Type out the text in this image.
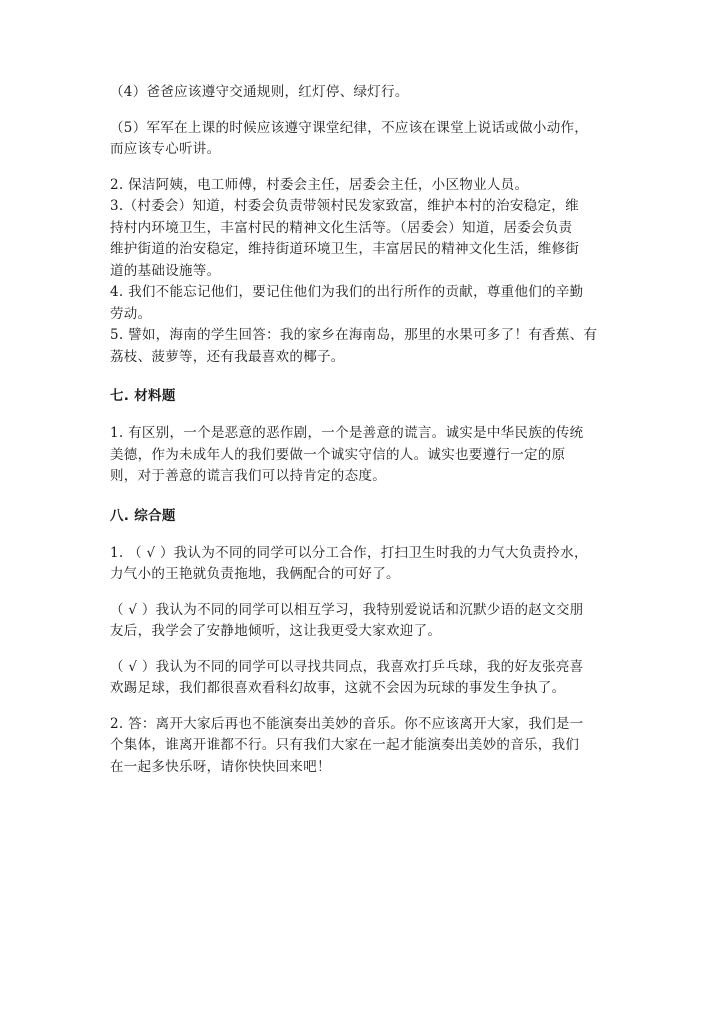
（4）爸爸应该遵守交通规则，红灯停、绿灯行。

（5）军军在上课的时候应该遵守课堂纪律，不应该在课堂上说话或做小动作，

而应该专心听讲。

2. 保洁阿姨，电工师傅，村委会主任，居委会主任，小区物业人员。

3.（村委会）知道，村委会负责带领村民发家致富，维护本村的治安稳定，维

持村内环境卫生，丰富村民的精神文化生活等。（居委会）知道，居委会负责

维护街道的治安稳定，维持街道环境卫生，丰富居民的精神文化生活，维修街

道的基础设施等。

4. 我们不能忘记他们，要记住他们为我们的出行所作的贡献，尊重他们的辛勤

劳动。

5. 譬如，海南的学生回答：我的家乡在海南岛，那里的水果可多了！有香蕉、有

荔枝、菠萝等，还有我最喜欢的椰子。

七. 材料题

1. 有区别，一个是恶意的恶作剧，一个是善意的谎言。诚实是中华民族的传统

美德，作为未成年人的我们要做一个诚实守信的人。诚实也要遵行一定的原

则，对于善意的谎言我们可以持肯定的态度。

八. 综合题

1. （ √ ）我认为不同的同学可以分工合作，打扫卫生时我的力气大负责拎水，

力气小的王艳就负责拖地，我俩配合的可好了。

（ √ ）我认为不同的同学可以相互学习，我特别爱说话和沉默少语的赵文交朋

友后，我学会了安静地倾听，这让我更受大家欢迎了。

（ √ ）我认为不同的同学可以寻找共同点，我喜欢打乒乓球，我的好友张亮喜

欢踢足球，我们都很喜欢看科幻故事，这就不会因为玩球的事发生争执了。

2. 答：离开大家后再也不能演奏出美妙的音乐。你不应该离开大家，我们是一

个集体，谁离开谁都不行。只有我们大家在一起才能演奏出美妙的音乐，我们

在一起多快乐呀，请你快快回来吧！
